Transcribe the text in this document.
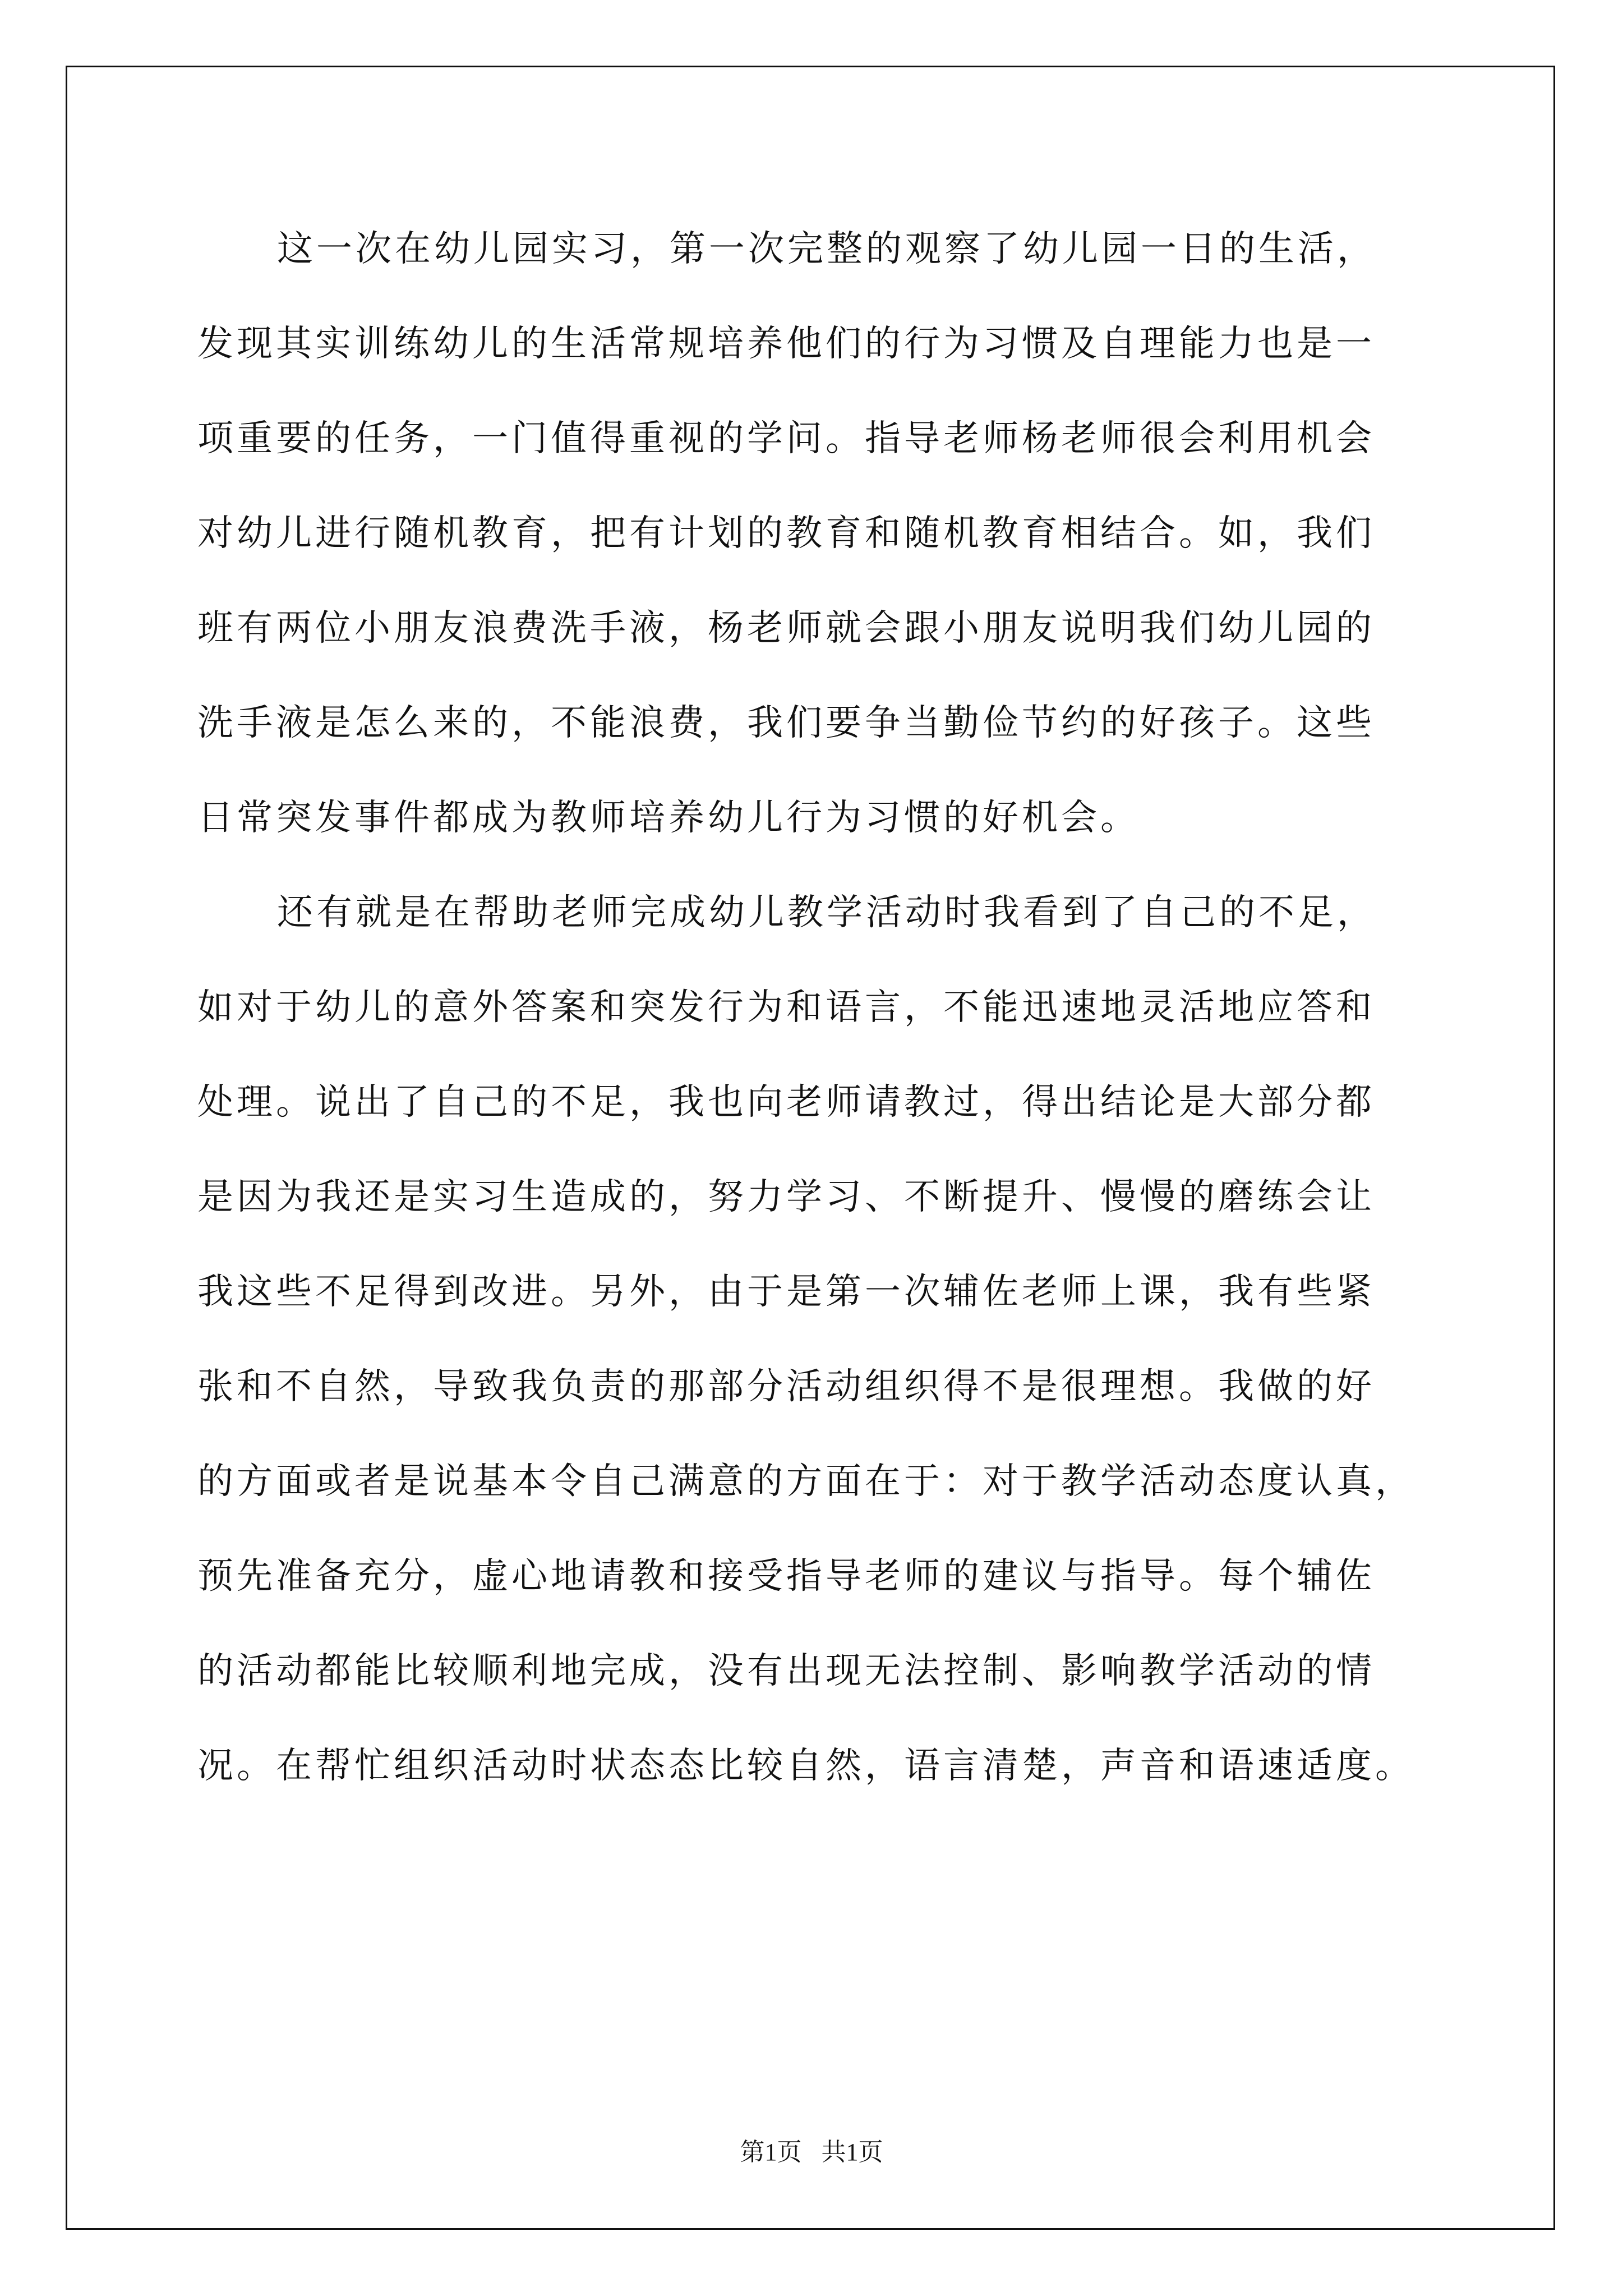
这一次在幼儿园实习，第一次完整的观察了幼儿园一日的生活，
发现其实训练幼儿的生活常规培养他们的行为习惯及自理能力也是一
项重要的任务，一门值得重视的学问。指导老师杨老师很会利用机会
对幼儿进行随机教育，把有计划的教育和随机教育相结合。如，我们
班有两位小朋友浪费洗手液，杨老师就会跟小朋友说明我们幼儿园的
洗手液是怎么来的，不能浪费，我们要争当勤俭节约的好孩子。这些
日常突发事件都成为教师培养幼儿行为习惯的好机会。
还有就是在帮助老师完成幼儿教学活动时我看到了自己的不足，
如对于幼儿的意外答案和突发行为和语言，不能迅速地灵活地应答和
处理。说出了自己的不足，我也向老师请教过，得出结论是大部分都
是因为我还是实习生造成的，努力学习、不断提升、慢慢的磨练会让
我这些不足得到改进。另外，由于是第一次辅佐老师上课，我有些紧
张和不自然，导致我负责的那部分活动组织得不是很理想。我做的好
的方面或者是说基本令自己满意的方面在于：对于教学活动态度认真，
预先准备充分，虚心地请教和接受指导老师的建议与指导。每个辅佐
的活动都能比较顺利地完成，没有出现无法控制、影响教学活动的情
况。在帮忙组织活动时状态态比较自然，语言清楚，声音和语速适度。
第1页 共1页
